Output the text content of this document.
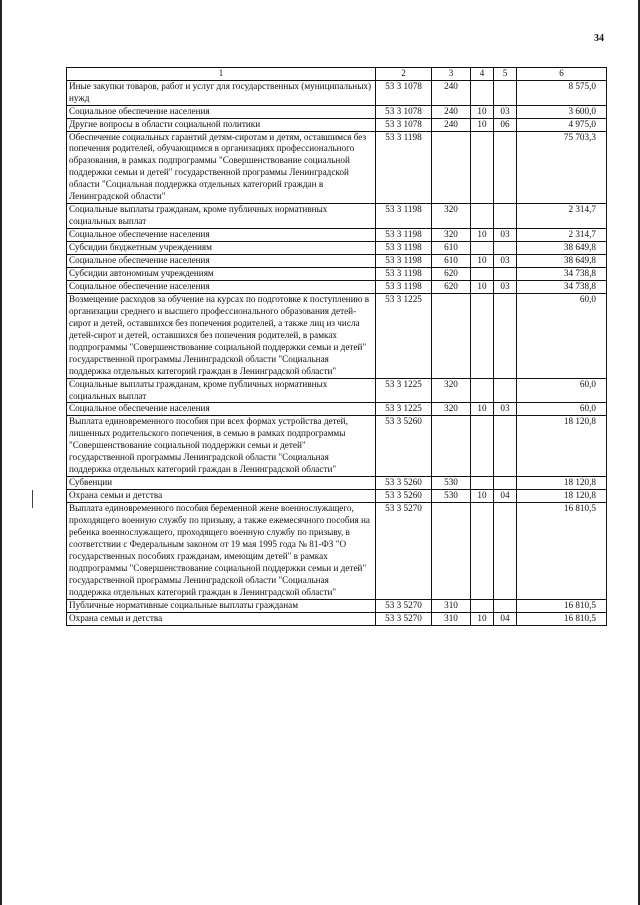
34
1	2	3	4	5	6
Иные закупки товаров, работ и услуг для государственных (муниципальных) нужд	53 3 1078	240			8 575,0
Социальное обеспечение населения	53 3 1078	240	10	03	3 600,0
Другие вопросы в области социальной политики	53 3 1078	240	10	06	4 975,0
Обеспечение социальных гарантий детям-сиротам и детям, оставшимся без попечения родителей, обучающимся в организациях профессионального образования, в рамках подпрограммы "Совершенствование социальной поддержки семьи и детей" государственной программы Ленинградской области "Социальная поддержка отдельных категорий граждан в Ленинградской области"	53 3 1198				75 703,3
Социальные выплаты гражданам, кроме публичных нормативных социальных выплат	53 3 1198	320			2 314,7
Социальное обеспечение населения	53 3 1198	320	10	03	2 314,7
Субсидии бюджетным учреждениям	53 3 1198	610			38 649,8
Социальное обеспечение населения	53 3 1198	610	10	03	38 649,8
Субсидии автономным учреждениям	53 3 1198	620			34 738,8
Социальное обеспечение населения	53 3 1198	620	10	03	34 738,8
Возмещение расходов за обучение на курсах по подготовке к поступлению в организации среднего и высшего профессионального образования детей-сирот и детей, оставшихся без попечения родителей, а также лиц из числа детей-сирот и детей, оставшихся без попечения родителей, в рамках подпрограммы "Совершенствование социальной поддержки семьи и детей" государственной программы Ленинградской области "Социальная поддержка отдельных категорий граждан в Ленинградской области"	53 3 1225				60,0
Социальные выплаты гражданам, кроме публичных нормативных социальных выплат	53 3 1225	320			60,0
Социальное обеспечение населения	53 3 1225	320	10	03	60,0
Выплата единовременного пособия при всех формах устройства детей, лишенных родительского попечения, в семью в рамках подпрограммы "Совершенствование социальной поддержки семьи и детей" государственной программы Ленинградской области "Социальная поддержка отдельных категорий граждан в Ленинградской области"	53 3 5260				18 120,8
Субвенции	53 3 5260	530			18 120,8
Охрана семьи и детства	53 3 5260	530	10	04	18 120,8
Выплата единовременного пособия беременной жене военнослужащего, проходящего военную службу по призыву, а также ежемесячного пособия на ребенка военнослужащего, проходящего военную службу по призыву, в соответствии с Федеральным законом от 19 мая 1995 года № 81-ФЗ "О государственных пособиях гражданам, имеющим детей" в рамках подпрограммы "Совершенствование социальной поддержки семьи и детей" государственной программы Ленинградской области "Социальная поддержка отдельных категорий граждан в Ленинградской области"	53 3 5270				16 810,5
Публичные нормативные социальные выплаты гражданам	53 3 5270	310			16 810,5
Охрана семьи и детства	53 3 5270	310	10	04	16 810,5
